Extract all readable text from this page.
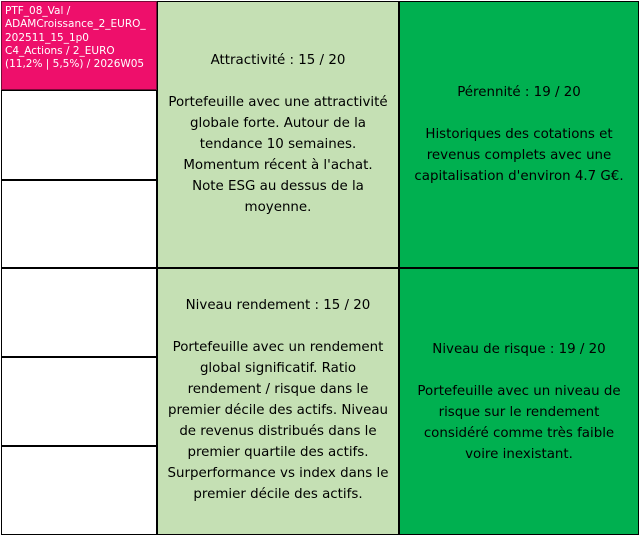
PTF_08_Val /
ADAMCroissance_2_EURO_
202511_15_1p0
C4_Actions / 2_EURO
(11,2% | 5,5%) / 2026W05	Attractivité : 15 / 20
Portefeuille avec une attractivité
globale forte. Autour de la
tendance 10 semaines.
Momentum récent à l'achat.
Note ESG au dessus de la
moyenne.
Pérennité : 19 / 20
Historiques des cotations et
revenus complets avec une
capitalisation d'environ 4.7 G€.
Niveau rendement : 15 / 20
Portefeuille avec un rendement
global significatif. Ratio
rendement / risque dans le
premier décile des actifs. Niveau
de revenus distribués dans le
premier quartile des actifs.
Surperformance vs index dans le
premier décile des actifs.
Niveau de risque : 19 / 20
Portefeuille avec un niveau de
risque sur le rendement
considéré comme très faible
voire inexistant.
